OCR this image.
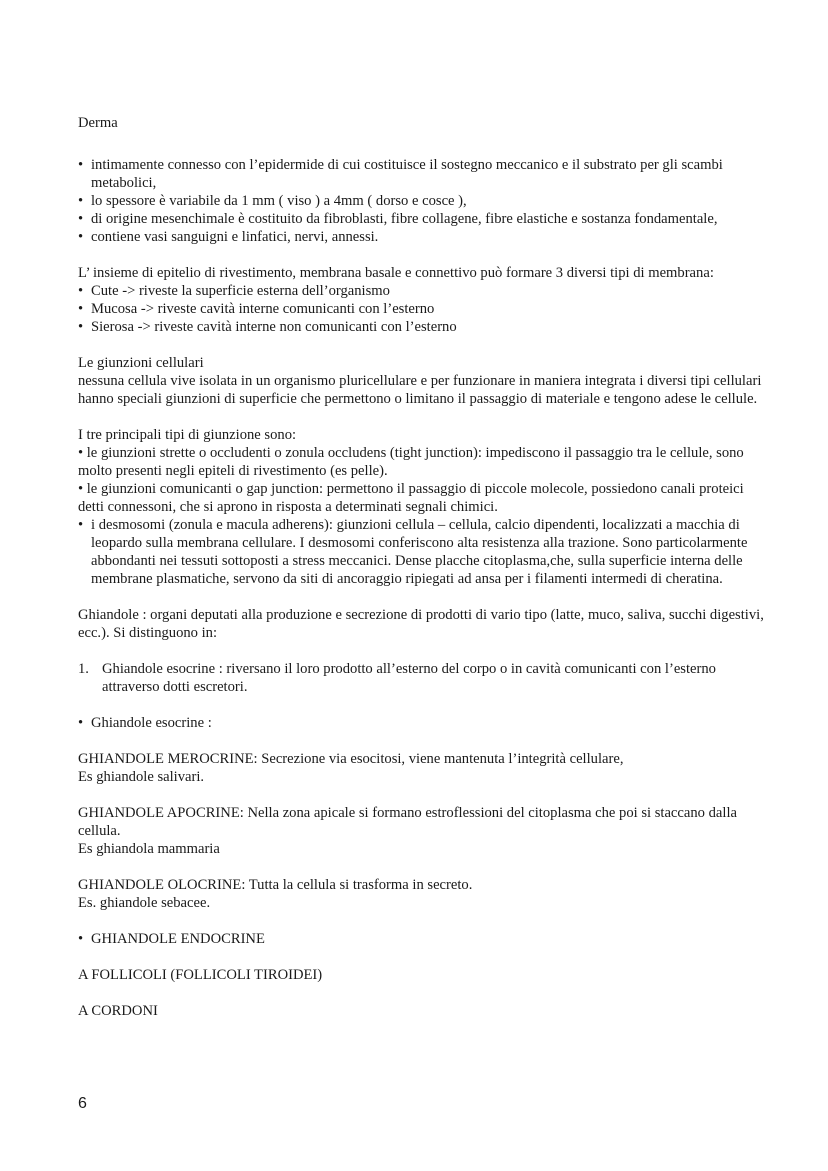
Derma

• intimamente connesso con l’epidermide di cui costituisce il sostegno meccanico e il substrato per gli scambi metabolici,

• lo spessore è variabile da 1 mm ( viso ) a 4mm ( dorso e cosce ),

• di origine mesenchimale è costituito da fibroblasti, fibre collagene, fibre elastiche e sostanza fondamentale,

• contiene vasi sanguigni e linfatici, nervi, annessi.

L’ insieme di epitelio di rivestimento, membrana basale e connettivo può formare 3 diversi tipi di membrana:

• Cute -> riveste la superficie esterna dell’organismo

• Mucosa -> riveste cavità interne comunicanti con l’esterno

• Sierosa -> riveste cavità interne non comunicanti con l’esterno

Le giunzioni cellulari

nessuna cellula vive isolata in un organismo pluricellulare e per funzionare in maniera integrata i diversi tipi cellulari hanno speciali giunzioni di superficie che permettono o limitano il passaggio di materiale e tengono adese le cellule.

I tre principali tipi di giunzione sono:

• le giunzioni strette o occludenti o zonula occludens (tight junction): impediscono il passaggio tra le cellule, sono molto presenti negli epiteli di rivestimento (es pelle).

• le giunzioni comunicanti o gap junction: permettono il passaggio di piccole molecole, possiedono canali proteici detti connessoni, che si aprono in risposta a determinati segnali chimici.

• i desmosomi (zonula e macula adherens): giunzioni cellula – cellula, calcio dipendenti, localizzati a macchia di leopardo sulla membrana cellulare. I desmosomi conferiscono alta resistenza alla trazione. Sono particolarmente abbondanti nei tessuti sottoposti a stress meccanici. Dense placche citoplasma,che, sulla superficie interna delle membrane plasmatiche, servono da siti di ancoraggio ripiegati ad ansa per i filamenti intermedi di cheratina.

Ghiandole : organi deputati alla produzione e secrezione di prodotti di vario tipo (latte, muco, saliva, succhi digestivi, ecc.). Si distinguono in:

1. Ghiandole esocrine : riversano il loro prodotto all’esterno del corpo o in cavità comunicanti con l’esterno attraverso dotti escretori.

• Ghiandole esocrine :

GHIANDOLE MEROCRINE: Secrezione via esocitosi, viene mantenuta l’integrità cellulare,

Es ghiandole salivari.

GHIANDOLE APOCRINE: Nella zona apicale si formano estroflessioni del citoplasma che poi si staccano dalla cellula.

Es ghiandola mammaria

GHIANDOLE OLOCRINE: Tutta la cellula si trasforma in secreto.

Es. ghiandole sebacee.

• GHIANDOLE ENDOCRINE

A FOLLICOLI (FOLLICOLI TIROIDEI)

A CORDONI

6
